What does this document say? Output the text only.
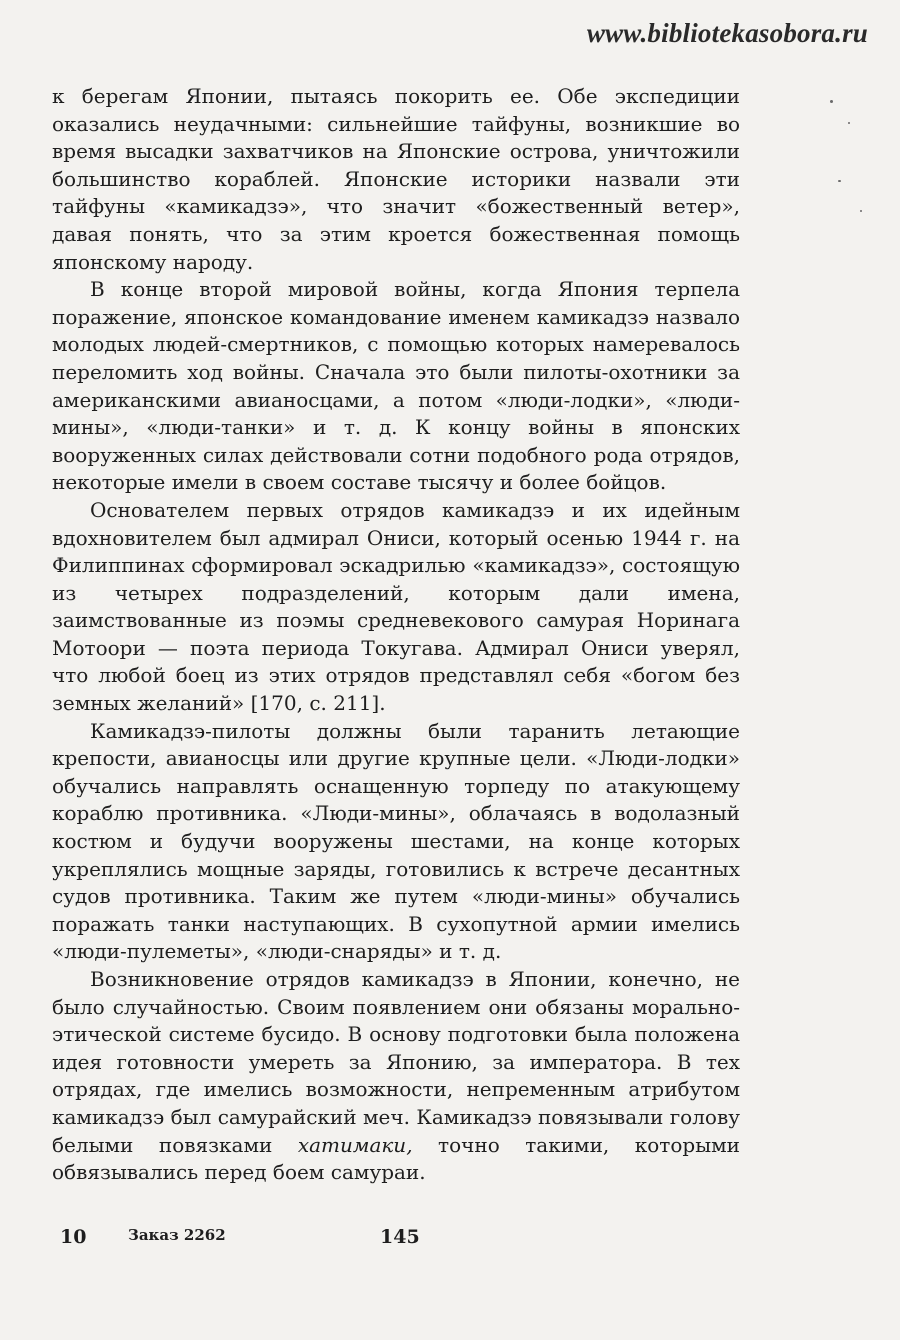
www.bibliotekasobora.ru

к берегам Японии, пытаясь покорить ее. Обе экспедиции оказались неудачными: сильнейшие тайфуны, возникшие во время высадки захватчиков на Японские острова, уничтожили большинство кораблей. Японские историки назвали эти тайфуны «камикадзэ», что значит «божественный ветер», давая понять, что за этим кроется божественная помощь японскому народу.

В конце второй мировой войны, когда Япония терпела поражение, японское командование именем камикадзэ назвало молодых людей-смертников, с помощью которых намеревалось переломить ход войны. Сначала это были пилоты-охотники за американскими авианосцами, а потом «люди-лодки», «люди-мины», «люди-танки» и т. д. К концу войны в японских вооруженных силах действовали сотни подобного рода отрядов, некоторые имели в своем составе тысячу и более бойцов.

Основателем первых отрядов камикадзэ и их идейным вдохновителем был адмирал Ониси, который осенью 1944 г. на Филиппинах сформировал эскадрилью «камикадзэ», состоящую из четырех подразделений, которым дали имена, заимствованные из поэмы средневекового самурая Норинага Мотоори — поэта периода Токугава. Адмирал Ониси уверял, что любой боец из этих отрядов представлял себя «богом без земных желаний» [170, с. 211].

Камикадзэ-пилоты должны были таранить летающие крепости, авианосцы или другие крупные цели. «Люди-лодки» обучались направлять оснащенную торпеду по атакующему кораблю противника. «Люди-мины», облачаясь в водолазный костюм и будучи вооружены шестами, на конце которых укреплялись мощные заряды, готовились к встрече десантных судов противника. Таким же путем «люди-мины» обучались поражать танки наступающих. В сухопутной армии имелись «люди-пулеметы», «люди-снаряды» и т. д.

Возникновение отрядов камикадзэ в Японии, конечно, не было случайностью. Своим появлением они обязаны морально-этической системе бусидо. В основу подготовки была положена идея готовности умереть за Японию, за императора. В тех отрядах, где имелись возможности, непременным атрибутом камикадзэ был самурайский меч. Камикадзэ повязывали голову белыми повязками хатимаки, точно такими, которыми обвязывались перед боем самураи.

10	Заказ 2262	145
